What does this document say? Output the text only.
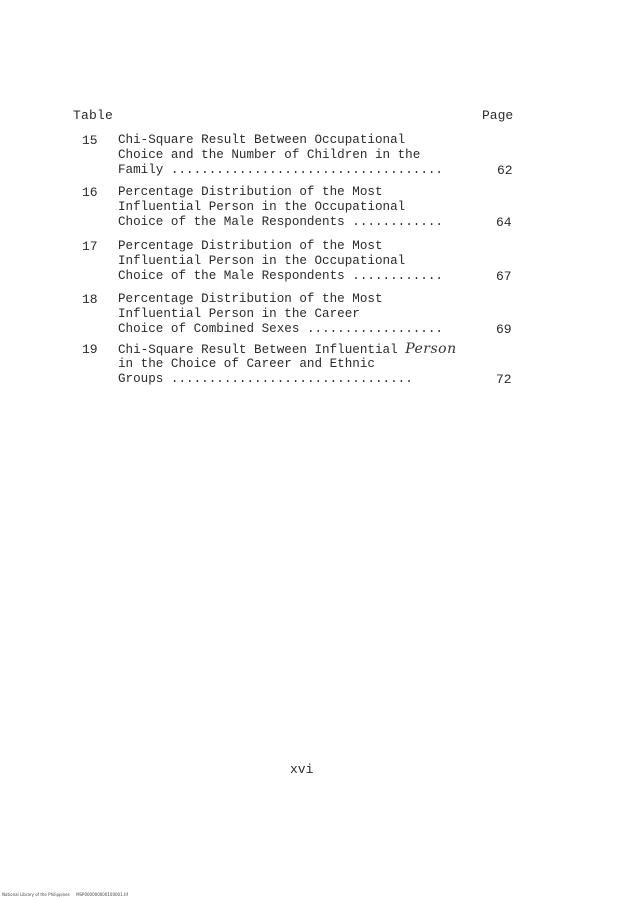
Table	Page
15 Chi-Square Result Between Occupational
Choice and the Number of Children in the
Family ....................................	62
16 Percentage Distribution of the Most
Influential Person in the Occupational
Choice of the Male Respondents ............	64
17 Percentage Distribution of the Most
Influential Person in the Occupational
Choice of the Male Respondents ............	67
18 Percentage Distribution of the Most
Influential Person in the Career
Choice of Combined Sexes ..................	69
19 Chi-Square Result Between Influential Person
in the Choice of Career and Ethnic
Groups ................................	72
xvi
National Library of the Philippines     MSP000000000100001.tif
